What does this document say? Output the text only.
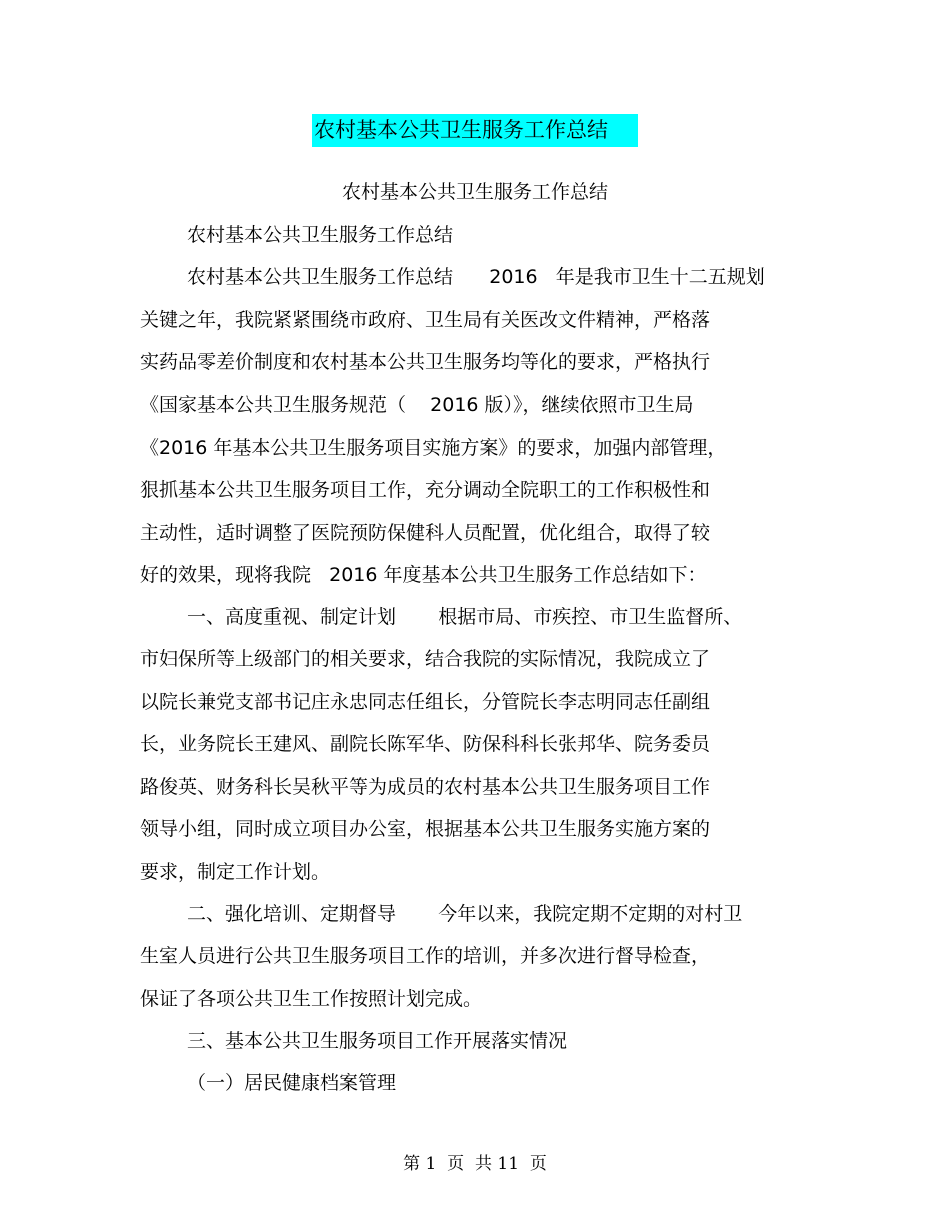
农村基本公共卫生服务工作总结
农村基本公共卫生服务工作总结
农村基本公共卫生服务工作总结
农村基本公共卫生服务工作总结      2016   年是我市卫生十二五规划
关键之年，我院紧紧围绕市政府、卫生局有关医改文件精神，严格落
实药品零差价制度和农村基本公共卫生服务均等化的要求，严格执行
《国家基本公共卫生服务规范（    2016 版）》，继续依照市卫生局
《2016 年基本公共卫生服务项目实施方案》的要求，加强内部管理，
狠抓基本公共卫生服务项目工作，充分调动全院职工的工作积极性和
主动性，适时调整了医院预防保健科人员配置，优化组合，取得了较
好的效果，现将我院   2016 年度基本公共卫生服务工作总结如下：
一、高度重视、制定计划       根据市局、市疾控、市卫生监督所、
市妇保所等上级部门的相关要求，结合我院的实际情况，我院成立了
以院长兼党支部书记庄永忠同志任组长，分管院长李志明同志任副组
长，业务院长王建风、副院长陈军华、防保科科长张邦华、院务委员
路俊英、财务科长吴秋平等为成员的农村基本公共卫生服务项目工作
领导小组，同时成立项目办公室，根据基本公共卫生服务实施方案的
要求，制定工作计划。
二、强化培训、定期督导       今年以来，我院定期不定期的对村卫
生室人员进行公共卫生服务项目工作的培训，并多次进行督导检查，
保证了各项公共卫生工作按照计划完成。
三、基本公共卫生服务项目工作开展落实情况
（一）居民健康档案管理
第 1  页  共 11  页
